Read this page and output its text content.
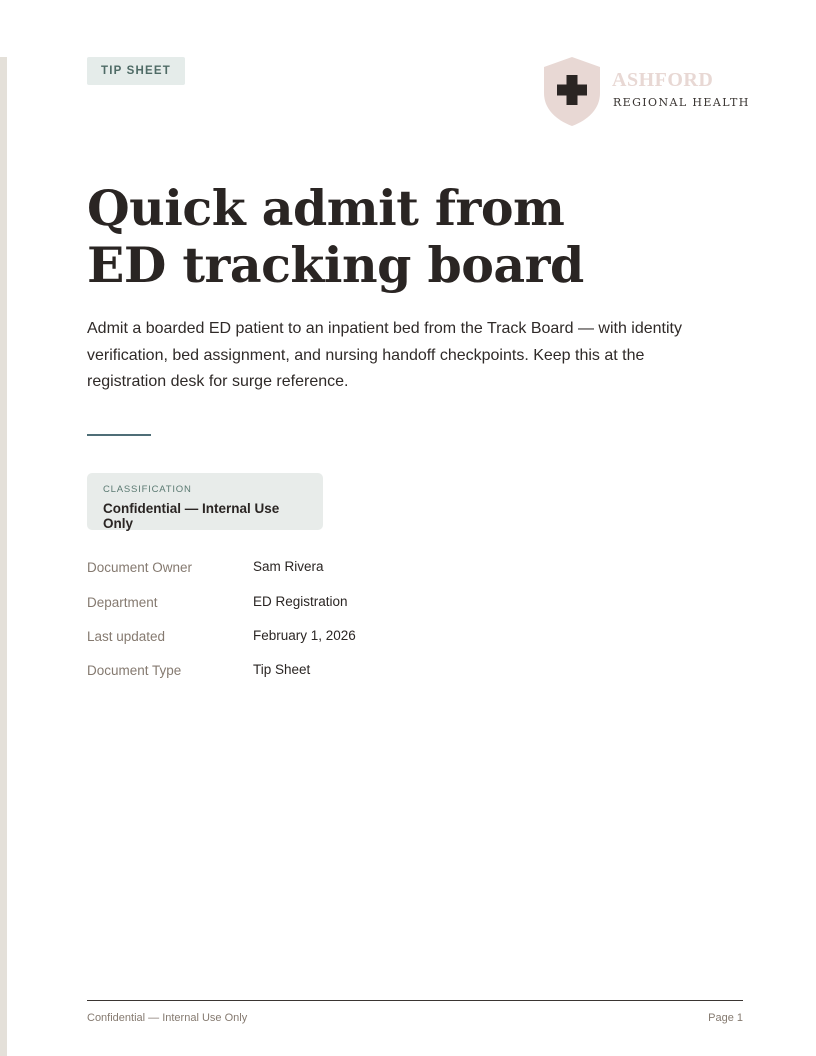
TIP SHEET	ASHFORD
REGIONAL HEALTH
Quick admit from
ED tracking board

Admit a boarded ED patient to an inpatient bed from the Track Board — with identity verification, bed assignment, and nursing handoff checkpoints. Keep this at the registration desk for surge reference.

CLASSIFICATION
Confidential — Internal Use Only
Document Owner	Sam Rivera
Department	ED Registration
Last updated	February 1, 2026
Document Type	Tip Sheet
Confidential — Internal Use Only	Page 1
